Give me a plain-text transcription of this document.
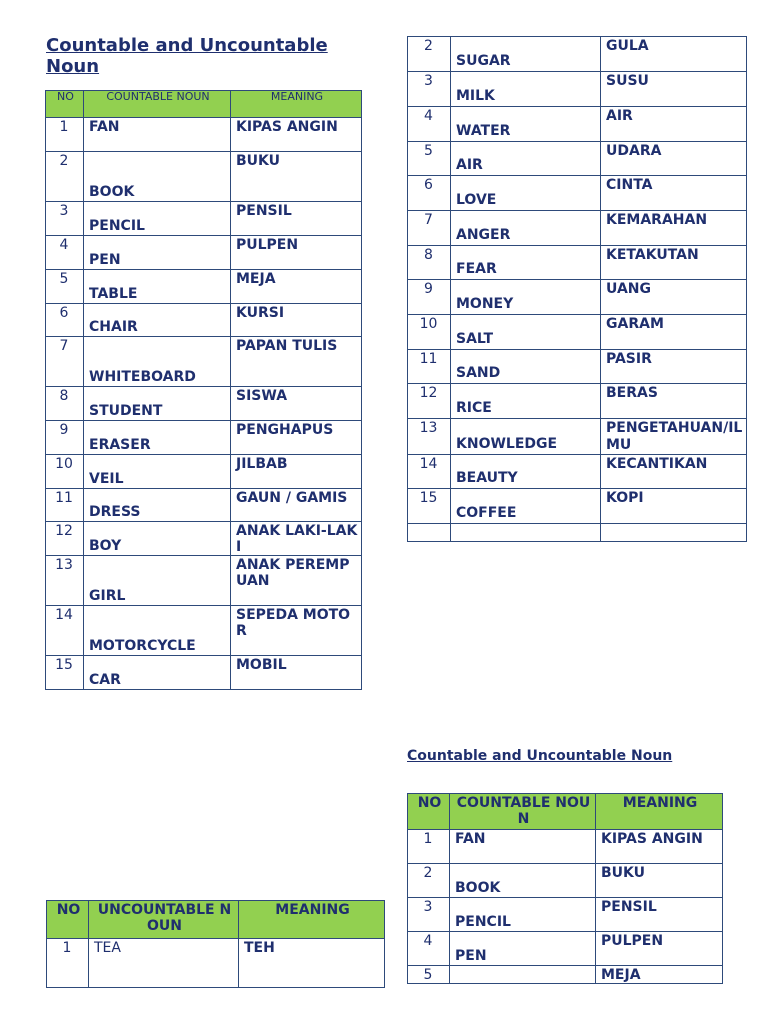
Countable and Uncountable Noun
NO	COUNTABLE NOUN	MEANING
1	FAN	KIPAS ANGIN
2	BOOK	BUKU
3	PENCIL	PENSIL
4	PEN	PULPEN
5	TABLE	MEJA
6	CHAIR	KURSI
7	WHITEBOARD	PAPAN TULIS
8	STUDENT	SISWA
9	ERASER	PENGHAPUS
10	VEIL	JILBAB
11	DRESS	GAUN / GAMIS
12	BOY	ANAK LAKI-LAKI
13	GIRL	ANAK PEREMPUAN
14	MOTORCYCLE	SEPEDA MOTOR
15	CAR	MOBIL
2	SUGAR	GULA
3	MILK	SUSU
4	WATER	AIR
5	AIR	UDARA
6	LOVE	CINTA
7	ANGER	KEMARAHAN
8	FEAR	KETAKUTAN
9	MONEY	UANG
10	SALT	GARAM
11	SAND	PASIR
12	RICE	BERAS
13	KNOWLEDGE	PENGETAHUAN/ILMU
14	BEAUTY	KECANTIKAN
15	COFFEE	KOPI

Countable and Uncountable Noun
NO	COUNTABLE NOUN	MEANING
1	FAN	KIPAS ANGIN
2	BOOK	BUKU
3	PENCIL	PENSIL
4	PEN	PULPEN
5		MEJA
NO	UNCOUNTABLE NOUN	MEANING
1	TEA	TEH
